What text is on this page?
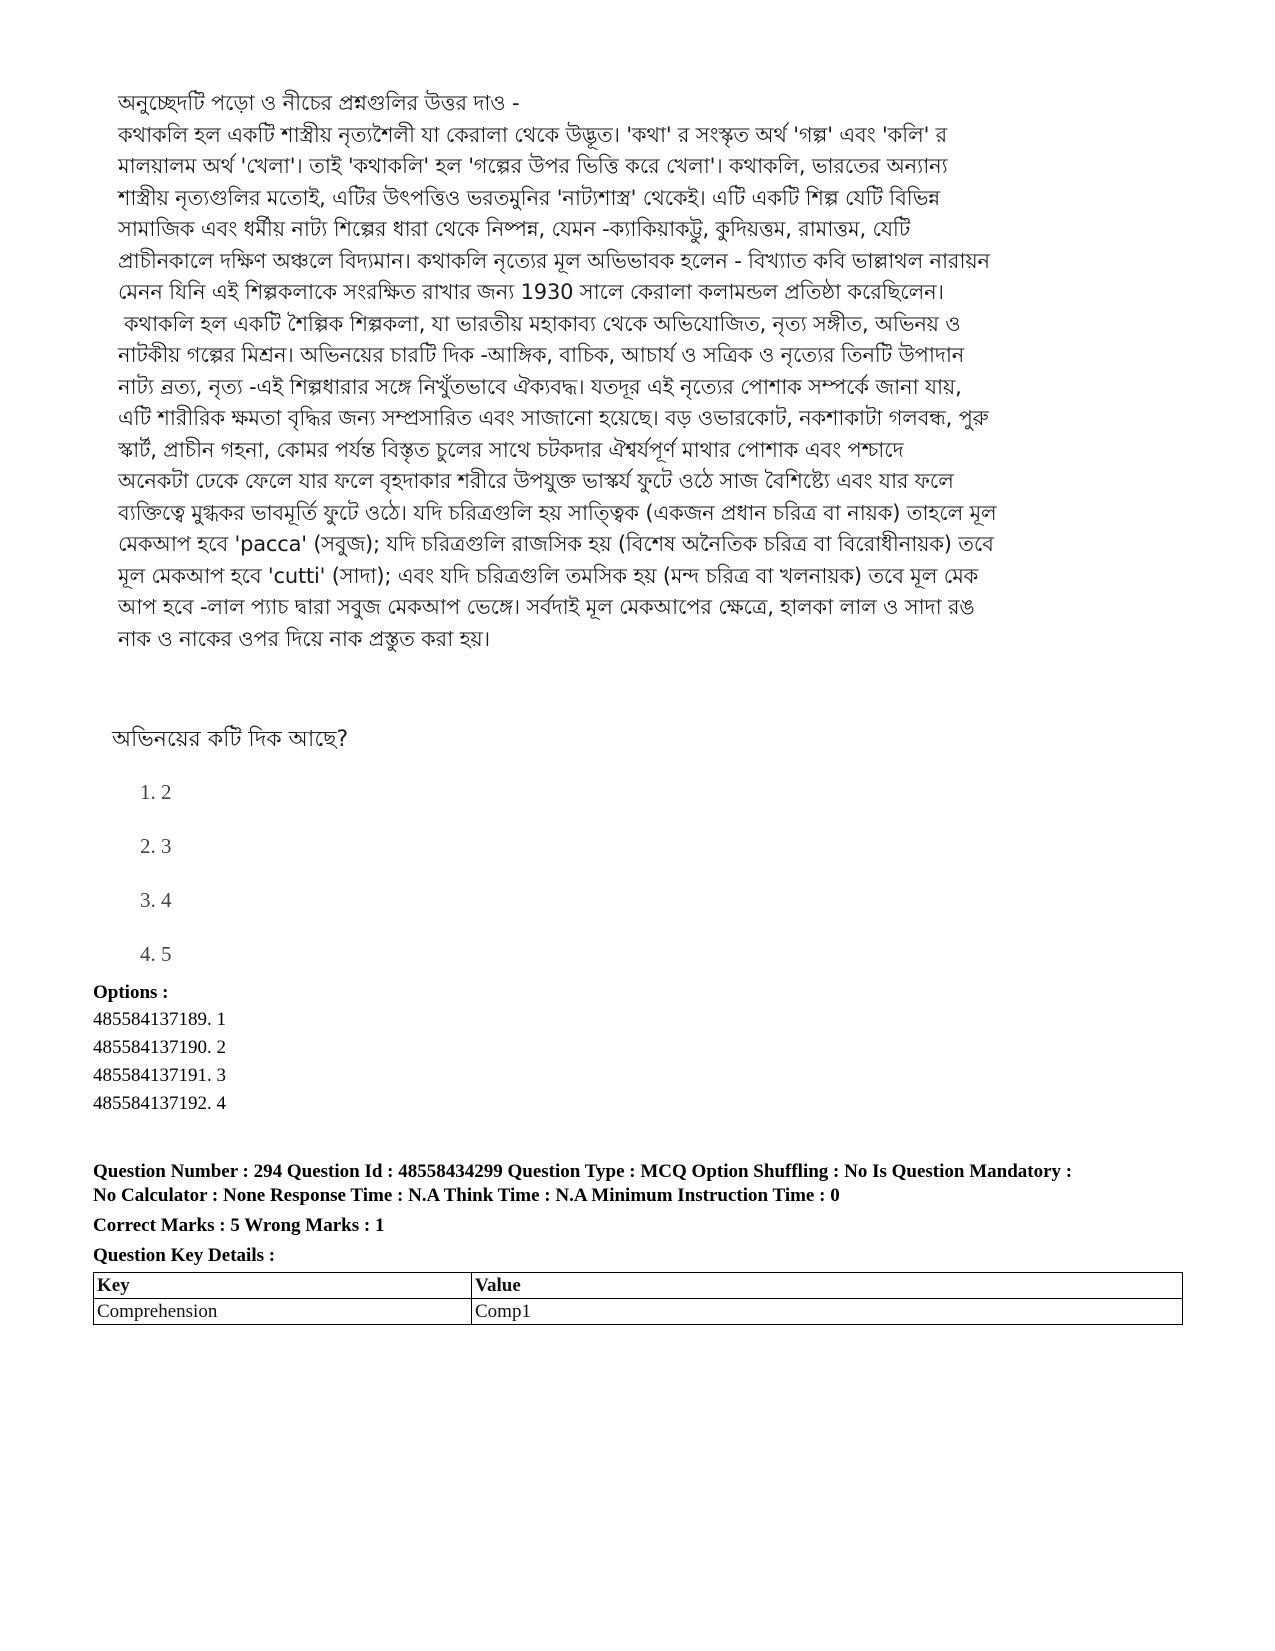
অনুচ্ছেদটি পড়ো ও নীচের প্রশ্নগুলির উত্তর দাও -

কথাকলি হল একটি শাস্ত্রীয় নৃত্যশৈলী যা কেরালা থেকে উদ্ভূত। 'কথা' র সংস্কৃত অর্থ 'গল্প' এবং 'কলি' র

মালয়ালম অর্থ 'খেলা'। তাই 'কথাকলি' হল 'গল্পের উপর ভিত্তি করে খেলা'। কথাকলি, ভারতের অন্যান্য

শাস্ত্রীয় নৃত্যগুলির মতোই, এটির উৎপত্তিও ভরতমুনির 'নাট্যশাস্ত্র' থেকেই। এটি একটি শিল্প যেটি বিভিন্ন

সামাজিক এবং ধর্মীয় নাট্য শিল্পের ধারা থেকে নিষ্পন্ন, যেমন -ক্যাকিয়াকট্টু, কুদিয়ত্তম, রামাত্তম, যেটি

প্রাচীনকালে দক্ষিণ অঞ্চলে বিদ্যমান। কথাকলি নৃত্যের মূল অভিভাবক হলেন - বিখ্যাত কবি ভাল্লাথল নারায়ন

মেনন যিনি এই শিল্পকলাকে সংরক্ষিত রাখার জন্য 1930 সালে কেরালা কলামন্ডল প্রতিষ্ঠা করেছিলেন।

কথাকলি হল একটি শৈল্পিক শিল্পকলা, যা ভারতীয় মহাকাব্য থেকে অভিযোজিত, নৃত্য সঙ্গীত, অভিনয় ও

নাটকীয় গল্পের মিশ্রন। অভিনয়ের চারটি দিক -আঙ্গিক, বাচিক, আচার্য ও সত্রিক ও নৃত্যের তিনটি উপাদান

নাট্য ন্রত্য, নৃত্য -এই শিল্পধারার সঙ্গে নিখুঁতভাবে ঐক্যবদ্ধ। যতদূর এই নৃত্যের পোশাক সম্পর্কে জানা যায়,

এটি শারীরিক ক্ষমতা বৃদ্ধির জন্য সম্প্রসারিত এবং সাজানো হয়েছে। বড় ওভারকোট, নকশাকাটা গলবন্ধ, পুরু

স্কার্ট, প্রাচীন গহনা, কোমর পর্যন্ত বিস্তৃত চুলের সাথে চটকদার ঐশ্বর্যপূর্ণ মাথার পোশাক এবং পশ্চাদে

অনেকটা ঢেকে ফেলে যার ফলে বৃহদাকার শরীরে উপযুক্ত ভাস্কর্য ফুটে ওঠে সাজ বৈশিষ্ট্যে এবং যার ফলে

ব্যক্তিত্বে মুগ্ধকর ভাবমূর্তি ফুটে ওঠে। যদি চরিত্রগুলি হয় সাত্ত্বিক (একজন প্রধান চরিত্র বা নায়ক) তাহলে মূল

মেকআপ হবে 'pacca' (সবুজ); যদি চরিত্রগুলি রাজসিক হয় (বিশেষ অনৈতিক চরিত্র বা বিরোধীনায়ক) তবে

মূল মেকআপ হবে 'cutti' (সাদা); এবং যদি চরিত্রগুলি তমসিক হয় (মন্দ চরিত্র বা খলনায়ক) তবে মূল মেক

আপ হবে -লাল প্যাচ দ্বারা সবুজ মেকআপ ভেঙ্গে। সর্বদাই মূল মেকআপের ক্ষেত্রে, হালকা লাল ও সাদা রঙ

নাক ও নাকের ওপর দিয়ে নাক প্রস্তুত করা হয়।

অভিনয়ের কটি দিক আছে?
1. 2
2. 3
3. 4
4. 5
Options :
485584137189. 1
485584137190. 2
485584137191. 3
485584137192. 4
Question Number : 294 Question Id : 48558434299 Question Type : MCQ Option Shuffling : No Is Question Mandatory :
No Calculator : None Response Time : N.A Think Time : N.A Minimum Instruction Time : 0
Correct Marks : 5 Wrong Marks : 1
Question Key Details :
Key	Value
Comprehension	Comp1
